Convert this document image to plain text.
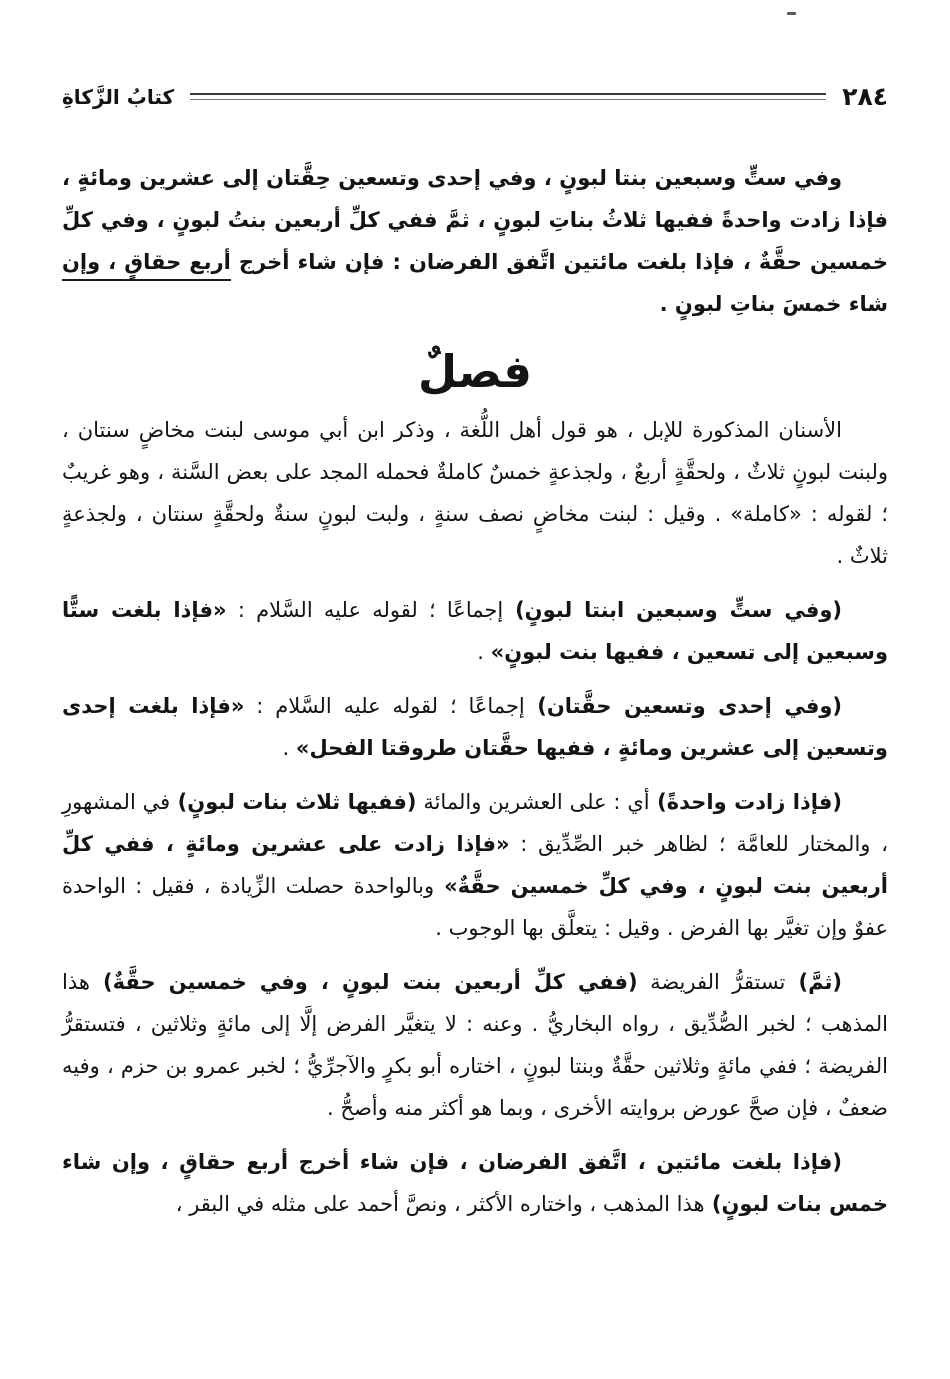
٢٨٤
كتابُ الزَّكاةِ

وفي ستٍّ وسبعين بنتا لبونٍ ، وفي إحدى وتسعين حِقَّتان إلى عشرين ومائةٍ ، فإذا زادت واحدةً ففيها ثلاثُ بناتِ لبونٍ ، ثمَّ ففي كلِّ أربعين بنتُ لبونٍ ، وفي كلِّ خمسين حقَّةٌ ، فإذا بلغت مائتين اتَّفق الفرضان : فإن شاء أخرج أربع حقاقٍ ، وإن شاء خمسَ بناتِ لبونٍ .

فصلٌ

الأسنان المذكورة للإبل ، هو قول أهل اللُّغة ، وذكر ابن أبي موسى لبنت مخاضٍ سنتان ، ولبنت لبونٍ ثلاثٌ ، ولحقَّةٍ أربعٌ ، ولجذعةٍ خمسٌ كاملةٌ فحمله المجد على بعض السَّنة ، وهو غريبٌ ؛ لقوله : «كاملة» . وقيل : لبنت مخاضٍ نصف سنةٍ ، ولبت لبونٍ سنةٌ ولحقَّةٍ سنتان ، ولجذعةٍ ثلاثٌ .

(وفي ستٍّ وسبعين ابنتا لبونٍ) إجماعًا ؛ لقوله عليه السَّلام : «فإذا بلغت ستًّا وسبعين إلى تسعين ، ففيها بنت لبونٍ» .

(وفي إحدى وتسعين حقَّتان) إجماعًا ؛ لقوله عليه السَّلام : «فإذا بلغت إحدى وتسعين إلى عشرين ومائةٍ ، ففيها حقَّتان طروقتا الفحل» .

(فإذا زادت واحدةً) أي : على العشرين والمائة (ففيها ثلاث بنات لبونٍ) في المشهورِ ، والمختار للعامَّة ؛ لظاهر خبر الصِّدِّيق : «فإذا زادت على عشرين ومائةٍ ، ففي كلِّ أربعين بنت لبونٍ ، وفي كلِّ خمسين حقَّةٌ» وبالواحدة حصلت الزِّيادة ، فقيل : الواحدة عفوٌ وإن تغيَّر بها الفرض . وقيل : يتعلَّق بها الوجوب .

(ثمَّ) تستقرُّ الفريضة (ففي كلِّ أربعين بنت لبونٍ ، وفي خمسين حقَّةٌ) هذا المذهب ؛ لخبر الصُّدِّيق ، رواه البخاريُّ . وعنه : لا يتغيَّر الفرض إلَّا إلى مائةٍ وثلاثين ، فتستقرُّ الفريضة ؛ ففي مائةٍ وثلاثين حقَّةٌ وبنتا لبونٍ ، اختاره أبو بكرٍ والآجرِّيُّ ؛ لخبر عمرو بن حزم ، وفيه ضعفٌ ، فإن صحَّ عورض بروايته الأخرى ، وبما هو أكثر منه وأصحُّ .

(فإذا بلغت مائتين ، اتَّفق الفرضان ، فإن شاء أخرج أربع حقاقٍ ، وإن شاء خمس بنات لبونٍ) هذا المذهب ، واختاره الأكثر ، ونصَّ أحمد على مثله في البقر ،
